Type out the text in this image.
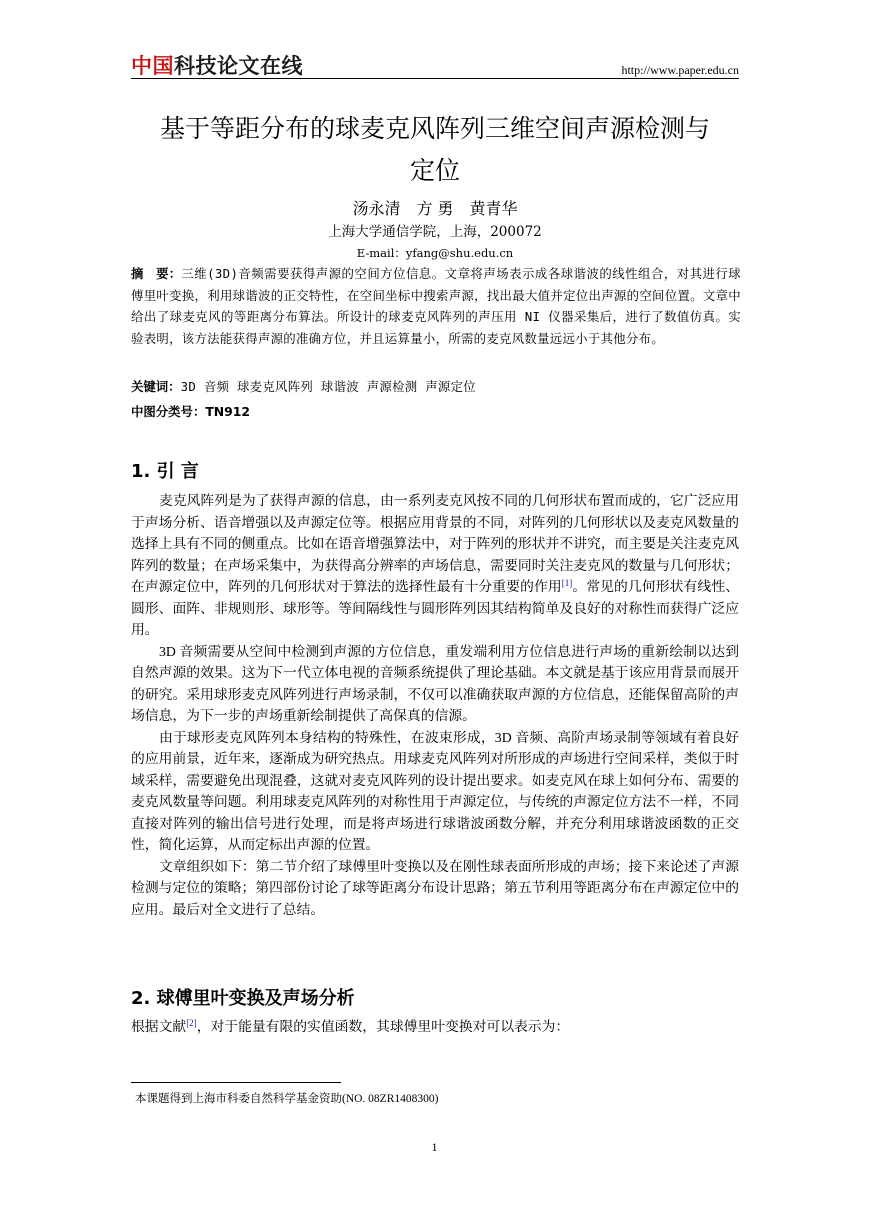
中国科技论文在线	http://www.paper.edu.cn
基于等距分布的球麦克风阵列三维空间声源检测与
定位
汤永清　方 勇　黄青华
上海大学通信学院，上海，200072
E-mail：yfang@shu.edu.cn
摘　要：三维(3D)音频需要获得声源的空间方位信息。文章将声场表示成各球谐波的线性组合，对其进行球傅里叶变换，利用球谐波的正交特性，在空间坐标中搜索声源，找出最大值并定位出声源的空间位置。文章中给出了球麦克风的等距离分布算法。所设计的球麦克风阵列的声压用 NI 仪器采集后，进行了数值仿真。实验表明，该方法能获得声源的准确方位，并且运算量小，所需的麦克风数量远远小于其他分布。
关键词：3D 音频 球麦克风阵列 球谐波 声源检测 声源定位
中图分类号：TN912
1. 引 言

麦克风阵列是为了获得声源的信息，由一系列麦克风按不同的几何形状布置而成的，它广泛应用于声场分析、语音增强以及声源定位等。根据应用背景的不同，对阵列的几何形状以及麦克风数量的选择上具有不同的侧重点。比如在语音增强算法中，对于阵列的形状并不讲究，而主要是关注麦克风阵列的数量；在声场采集中，为获得高分辨率的声场信息，需要同时关注麦克风的数量与几何形状；在声源定位中，阵列的几何形状对于算法的选择性最有十分重要的作用[1]。常见的几何形状有线性、圆形、面阵、非规则形、球形等。等间隔线性与圆形阵列因其结构简单及良好的对称性而获得广泛应用。

3D 音频需要从空间中检测到声源的方位信息，重发端利用方位信息进行声场的重新绘制以达到自然声源的效果。这为下一代立体电视的音频系统提供了理论基础。本文就是基于该应用背景而展开的研究。采用球形麦克风阵列进行声场录制，不仅可以准确获取声源的方位信息，还能保留高阶的声场信息，为下一步的声场重新绘制提供了高保真的信源。

由于球形麦克风阵列本身结构的特殊性，在波束形成，3D 音频、高阶声场录制等领域有着良好的应用前景，近年来，逐渐成为研究热点。用球麦克风阵列对所形成的声场进行空间采样，类似于时域采样，需要避免出现混叠，这就对麦克风阵列的设计提出要求。如麦克风在球上如何分布、需要的麦克风数量等问题。利用球麦克风阵列的对称性用于声源定位，与传统的声源定位方法不一样，不同直接对阵列的输出信号进行处理，而是将声场进行球谐波函数分解，并充分利用球谐波函数的正交性，简化运算，从而定标出声源的位置。

文章组织如下：第二节介绍了球傅里叶变换以及在刚性球表面所形成的声场；接下来论述了声源检测与定位的策略；第四部份讨论了球等距离分布设计思路；第五节利用等距离分布在声源定位中的应用。最后对全文进行了总结。

2. 球傅里叶变换及声场分析
根据文献[2]，对于能量有限的实值函数，其球傅里叶变换对可以表示为：
本课题得到上海市科委自然科学基金资助(NO. 08ZR1408300)
1
